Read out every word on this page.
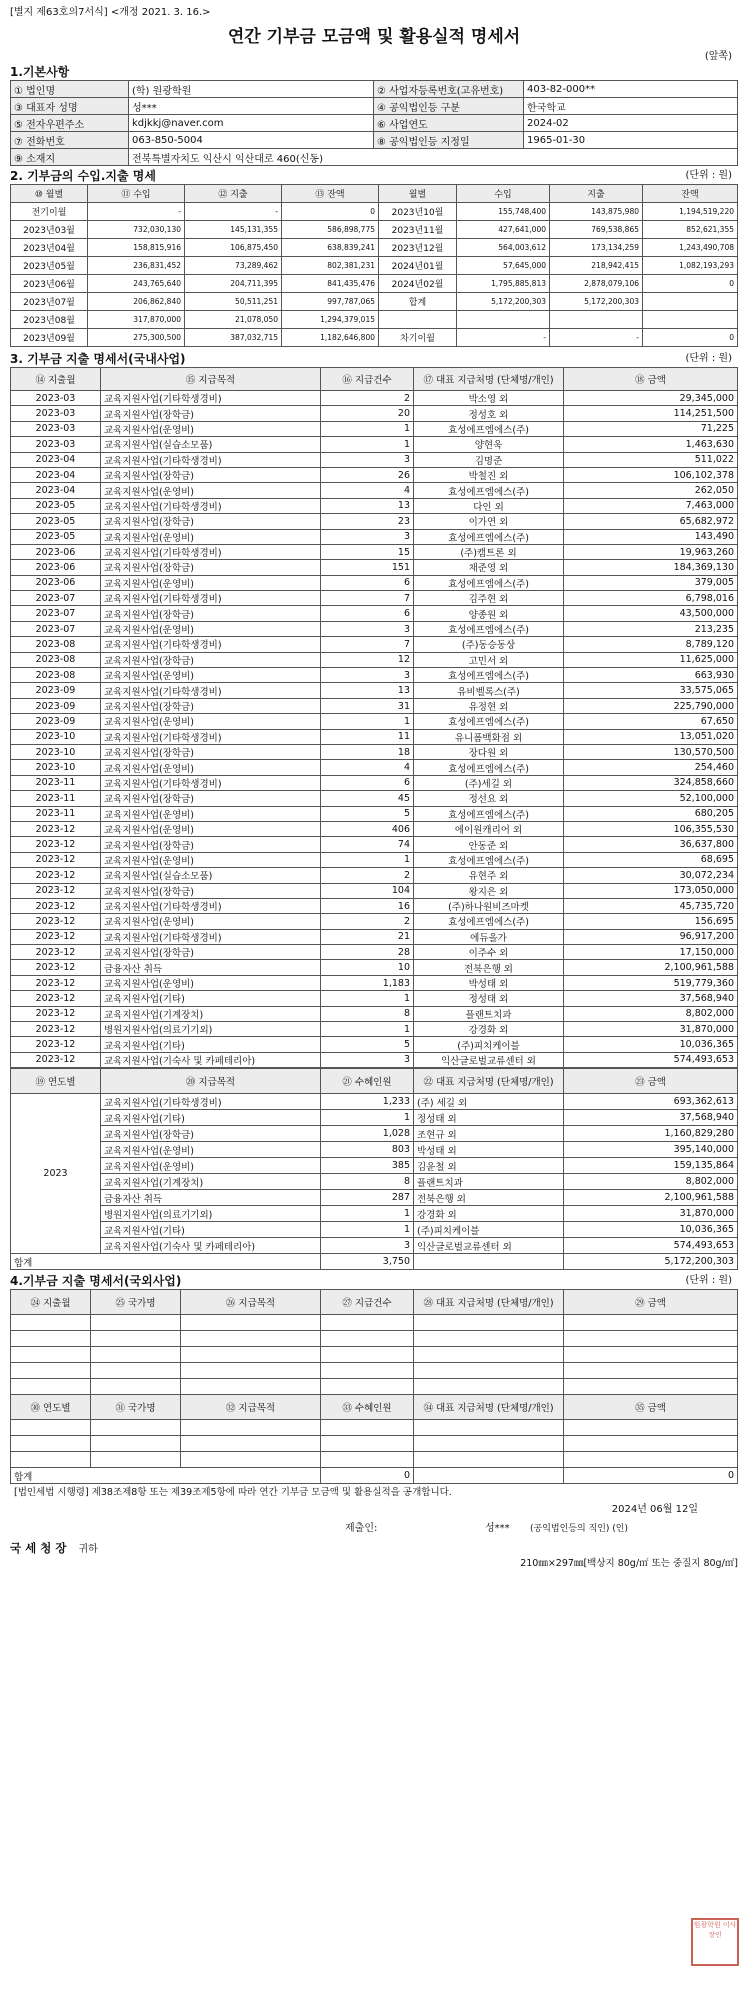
[별지 제63호의7서식] <개정 2021. 3. 16.>
연간 기부금 모금액 및 활용실적 명세서
(앞쪽)
1.기본사항
① 법인명	(학) 원광학원	② 사업자등록번호(고유번호)	403-82-000**
③ 대표자 성명	성***	④ 공익법인등 구분	한국학교
⑤ 전자우편주소	kdjkkj@naver.com	⑥ 사업연도	2024-02
⑦ 전화번호	063-850-5004	⑧ 공익법인등 지정일	1965-01-30
⑨ 소재지	전북특별자치도 익산시 익산대로 460(신동)		
2. 기부금의 수입.지출 명세	(단위 : 원)
⑩ 월별	⑪ 수입	⑫ 지출	⑬ 잔액	월별	수입	지출	잔액
전기이월	-	-	0	2023년10월	155,748,400	143,875,980	1,194,519,220
2023년03월	732,030,130	145,131,355	586,898,775	2023년11월	427,641,000	769,538,865	852,621,355
2023년04월	158,815,916	106,875,450	638,839,241	2023년12월	564,003,612	173,134,259	1,243,490,708
2023년05월	236,831,452	73,289,462	802,381,231	2024년01월	57,645,000	218,942,415	1,082,193,293
2023년06월	243,765,640	204,711,395	841,435,476	2024년02월	1,795,885,813	2,878,079,106	0
2023년07월	206,862,840	50,511,251	997,787,065	합계	5,172,200,303	5,172,200,303	
2023년08월	317,870,000	21,078,050	1,294,379,015				
2023년09월	275,300,500	387,032,715	1,182,646,800	차기이월	-	-	0
3. 기부금 지출 명세서(국내사업)	(단위 : 원)
⑭ 지출월	⑮ 지급목적	⑯ 지급건수	⑰ 대표 지급처명 (단체명/개인)	⑱ 금액
2023-03	교육지원사업(기타학생경비)	2	박소영 외	29,345,000
2023-03	교육지원사업(장학금)	20	정성호 외	114,251,500
2023-03	교육지원사업(운영비)	1	효성에프엠에스(주)	71,225
2023-03	교육지원사업(실습소모품)	1	양현욱	1,463,630
2023-04	교육지원사업(기타학생경비)	3	김명준	511,022
2023-04	교육지원사업(장학금)	26	박철진 외	106,102,378
2023-04	교육지원사업(운영비)	4	효성에프엠에스(주)	262,050
2023-05	교육지원사업(기타학생경비)	13	다인 외	7,463,000
2023-05	교육지원사업(장학금)	23	이가연 외	65,682,972
2023-05	교육지원사업(운영비)	3	효성에프엠에스(주)	143,490
2023-06	교육지원사업(기타학생경비)	15	(주)캠트론 외	19,963,260
2023-06	교육지원사업(장학금)	151	채준영 외	184,369,130
2023-06	교육지원사업(운영비)	6	효성에프엠에스(주)	379,005
2023-07	교육지원사업(기타학생경비)	7	김주현 외	6,798,016
2023-07	교육지원사업(장학금)	6	양종원 외	43,500,000
2023-07	교육지원사업(운영비)	3	효성에프엠에스(주)	213,235
2023-08	교육지원사업(기타학생경비)	7	(주)동승동상	8,789,120
2023-08	교육지원사업(장학금)	12	고민서 외	11,625,000
2023-08	교육지원사업(운영비)	3	효성에프엠에스(주)	663,930
2023-09	교육지원사업(기타학생경비)	13	유비벨록스(주)	33,575,065
2023-09	교육지원사업(장학금)	31	유정현 외	225,790,000
2023-09	교육지원사업(운영비)	1	효성에프엠에스(주)	67,650
2023-10	교육지원사업(기타학생경비)	11	유니폼백화점 외	13,051,020
2023-10	교육지원사업(장학금)	18	장다원 외	130,570,500
2023-10	교육지원사업(운영비)	4	효성에프엠에스(주)	254,460
2023-11	교육지원사업(기타학생경비)	6	(주)세길 외	324,858,660
2023-11	교육지원사업(장학금)	45	정선요 외	52,100,000
2023-11	교육지원사업(운영비)	5	효성에프엠에스(주)	680,205
2023-12	교육지원사업(운영비)	406	에이원캐리어 외	106,355,530
2023-12	교육지원사업(장학금)	74	안동준 외	36,637,800
2023-12	교육지원사업(운영비)	1	효성에프엠에스(주)	68,695
2023-12	교육지원사업(실습소모품)	2	유현주 외	30,072,234
2023-12	교육지원사업(장학금)	104	왕지은 외	173,050,000
2023-12	교육지원사업(기타학생경비)	16	(주)하나원비즈마켓	45,735,720
2023-12	교육지원사업(운영비)	2	효성에프엠에스(주)	156,695
2023-12	교육지원사업(기타학생경비)	21	에듀올가	96,917,200
2023-12	교육지원사업(장학금)	28	이주수 외	17,150,000
2023-12	금융자산 취득	10	전북은행 외	2,100,961,588
2023-12	교육지원사업(운영비)	1,183	박성태 외	519,779,360
2023-12	교육지원사업(기타)	1	정성태 외	37,568,940
2023-12	교육지원사업(기계장치)	8	플랜트치과	8,802,000
2023-12	병원지원사업(의료기기외)	1	강경화 외	31,870,000
2023-12	교육지원사업(기타)	5	(주)피치케이블	10,036,365
2023-12	교육지원사업(기숙사 및 카페테리아)	3	익산글로벌교류센터 외	574,493,653
⑲ 연도별	⑳ 지급목적	㉑ 수혜인원	㉒ 대표 지급처명 (단체명/개인)	㉓ 금액
2023	교육지원사업(기타학생경비)	1,233	(주) 세길 외	693,362,613
	교육지원사업(기타)	1	정성태 외	37,568,940
	교육지원사업(장학금)	1,028	조현규 외	1,160,829,280
	교육지원사업(운영비)	803	박성태 외	395,140,000
	교육지원사업(운영비)	385	김윤철 외	159,135,864
	교육지원사업(기계장치)	8	플랜트치과	8,802,000
	금융자산 취득	287	전북은행 외	2,100,961,588
	병원지원사업(의료기기외)	1	강경화 외	31,870,000
	교육지원사업(기타)	1	(주)피치케이블	10,036,365
	교육지원사업(기숙사 및 카페테리아)	3	익산글로벌교류센터 외	574,493,653
합계		3,750		5,172,200,303
4.기부금 지출 명세서(국외사업)	(단위 : 원)
㉔ 지출월	㉕ 국가명	㉖ 지급목적	㉗ 지급건수	㉘ 대표 지급처명 (단체명/개인)	㉙ 금액

㉚ 연도별	㉛ 국가명	㉜ 지급목적	㉝ 수혜인원	㉞ 대표 지급처명 (단체명/개인)	㉟ 금액

합계			0		0
[법인세법 시행령] 제38조제8항 또는 제39조제5항에 따라 연간 기부금 모금액 및 활용실적을 공개합니다.
2024년 06월 12일
제출인:	성*** (공익법인등의 직인) (인)
국 세 청 장 귀하
210㎜×297㎜[백상지 80g/㎡ 또는 중질지 80g/㎡]
원광학원 이사장인
